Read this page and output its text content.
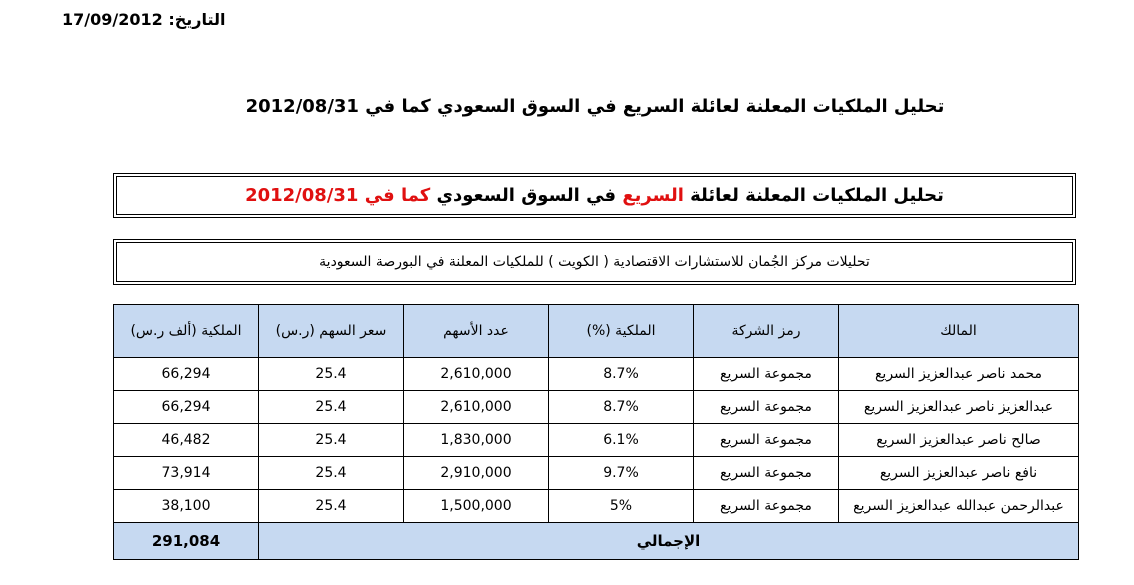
التاريخ: 17/09/2012
تحليل الملكيات المعلنة لعائلة السريع في السوق السعودي كما في 2012/08/31
تحليل الملكيات المعلنة لعائلة السريع في السوق السعودي كما في 2012/08/31
تحليلات مركز الجُمان للاستشارات الاقتصادية ( الكويت ) للملكيات المعلنة في البورصة السعودية
الملكية (ألف ر.س)	سعر السهم (ر.س)	عدد الأسهم	الملكية (%)	رمز الشركة	المالك
66,294	25.4	2,610,000	8.7%	مجموعة السريع	محمد ناصر عبدالعزيز السريع
66,294	25.4	2,610,000	8.7%	مجموعة السريع	عبدالعزيز ناصر عبدالعزيز السريع
46,482	25.4	1,830,000	6.1%	مجموعة السريع	صالح ناصر عبدالعزيز السريع
73,914	25.4	2,910,000	9.7%	مجموعة السريع	نافع ناصر عبدالعزيز السريع
38,100	25.4	1,500,000	5%	مجموعة السريع	عبدالرحمن عبدالله عبدالعزيز السريع
291,084	الإجمالي				
